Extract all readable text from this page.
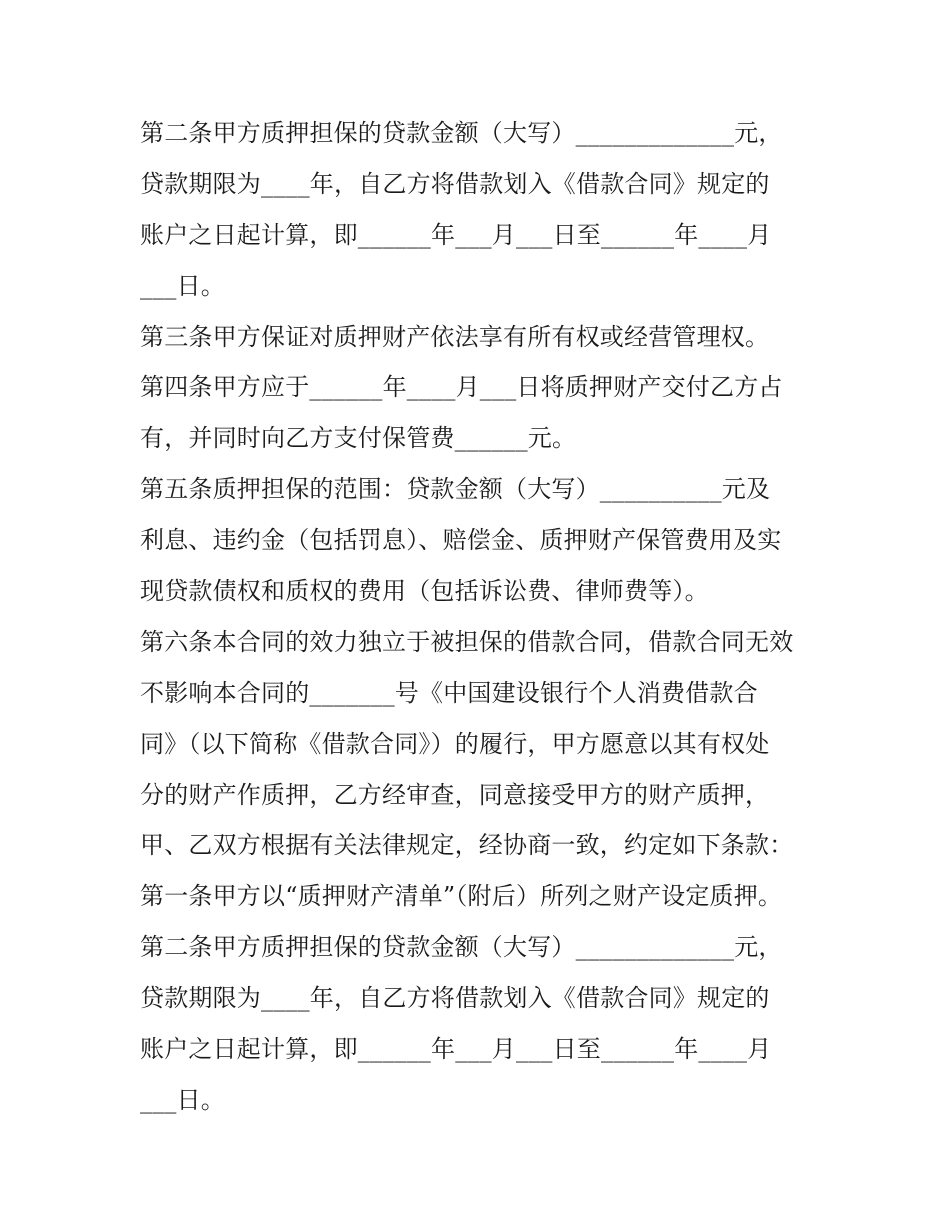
第二条甲方质押担保的贷款金额（大写）_____________元，
贷款期限为____年，自乙方将借款划入《借款合同》规定的
账户之日起计算，即______年___月___日至______年____月
___日。
第三条甲方保证对质押财产依法享有所有权或经营管理权。
第四条甲方应于______年____月___日将质押财产交付乙方占
有，并同时向乙方支付保管费______元。
第五条质押担保的范围：贷款金额（大写）__________元及
利息、违约金（包括罚息）、赔偿金、质押财产保管费用及实
现贷款债权和质权的费用（包括诉讼费、律师费等）。
第六条本合同的效力独立于被担保的借款合同，借款合同无效
不影响本合同的_______号《中国建设银行个人消费借款合
同》（以下简称《借款合同》）的履行，甲方愿意以其有权处
分的财产作质押，乙方经审查，同意接受甲方的财产质押，
甲、乙双方根据有关法律规定，经协商一致，约定如下条款：
第一条甲方以“质押财产清单”（附后）所列之财产设定质押。
第二条甲方质押担保的贷款金额（大写）_____________元，
贷款期限为____年，自乙方将借款划入《借款合同》规定的
账户之日起计算，即______年___月___日至______年____月
___日。
